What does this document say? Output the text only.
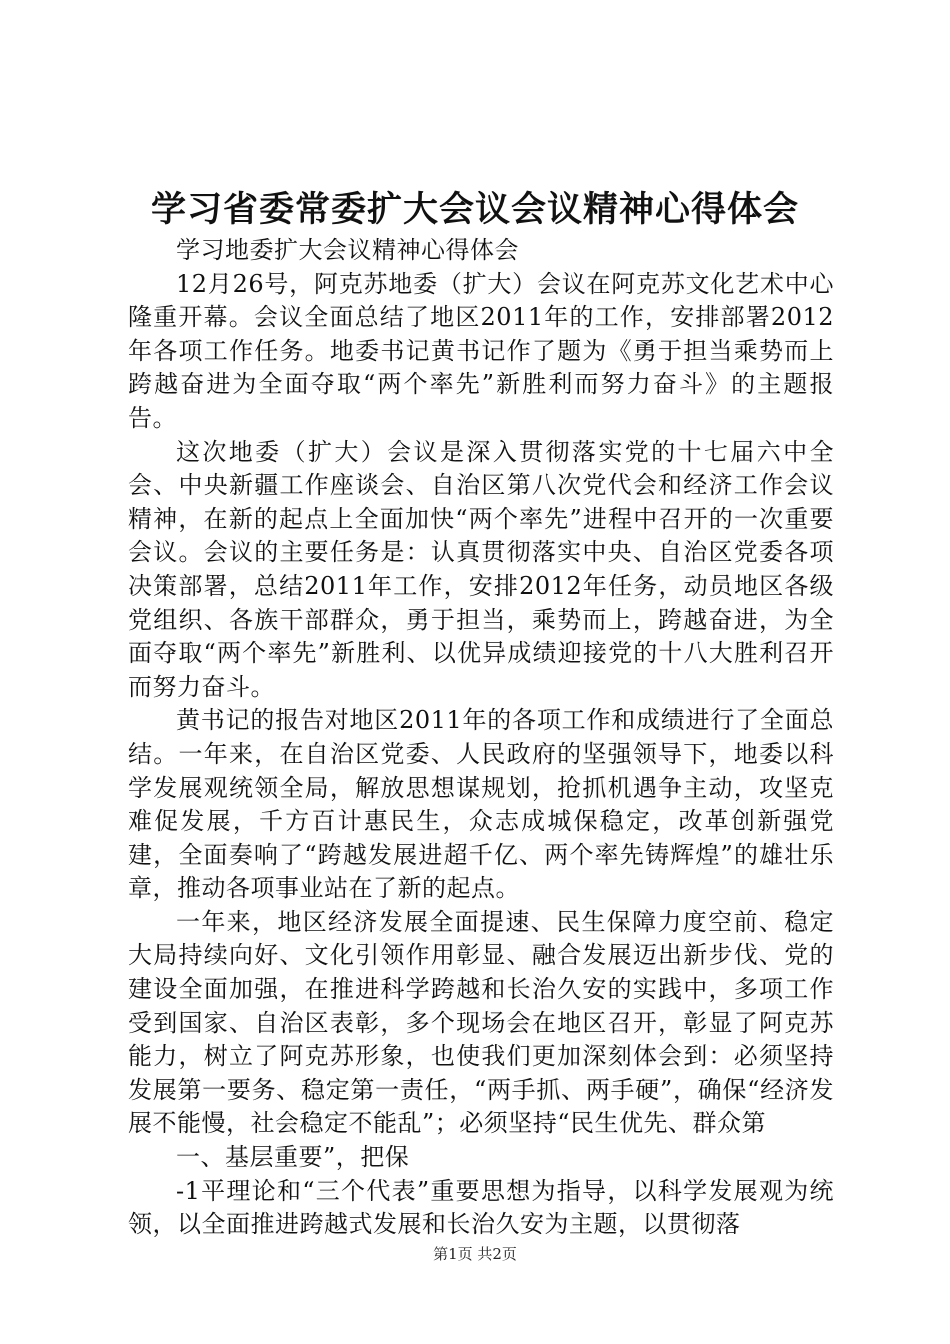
学习省委常委扩大会议会议精神心得体会

学习地委扩大会议精神心得体会

12月26号，阿克苏地委（扩大）会议在阿克苏文化艺术中心隆重开幕。会议全面总结了地区2011年的工作，安排部署2012年各项工作任务。地委书记黄书记作了题为《勇于担当乘势而上跨越奋进为全面夺取“两个率先”新胜利而努力奋斗》的主题报告。

这次地委（扩大）会议是深入贯彻落实党的十七届六中全会、中央新疆工作座谈会、自治区第八次党代会和经济工作会议精神，在新的起点上全面加快“两个率先”进程中召开的一次重要会议。会议的主要任务是：认真贯彻落实中央、自治区党委各项决策部署，总结2011年工作，安排2012年任务，动员地区各级党组织、各族干部群众，勇于担当，乘势而上，跨越奋进，为全面夺取“两个率先”新胜利、以优异成绩迎接党的十八大胜利召开而努力奋斗。

黄书记的报告对地区2011年的各项工作和成绩进行了全面总结。一年来，在自治区党委、人民政府的坚强领导下，地委以科学发展观统领全局，解放思想谋规划，抢抓机遇争主动，攻坚克难促发展，千方百计惠民生，众志成城保稳定，改革创新强党建，全面奏响了“跨越发展进超千亿、两个率先铸辉煌”的雄壮乐章，推动各项事业站在了新的起点。

一年来，地区经济发展全面提速、民生保障力度空前、稳定大局持续向好、文化引领作用彰显、融合发展迈出新步伐、党的建设全面加强，在推进科学跨越和长治久安的实践中，多项工作受到国家、自治区表彰，多个现场会在地区召开，彰显了阿克苏能力，树立了阿克苏形象，也使我们更加深刻体会到：必须坚持发展第一要务、稳定第一责任，“两手抓、两手硬”，确保“经济发展不能慢，社会稳定不能乱”；必须坚持“民生优先、群众第

一、基层重要”，把保

-1平理论和“三个代表”重要思想为指导，以科学发展观为统领，以全面推进跨越式发展和长治久安为主题，以贯彻落

第1页 共2页
